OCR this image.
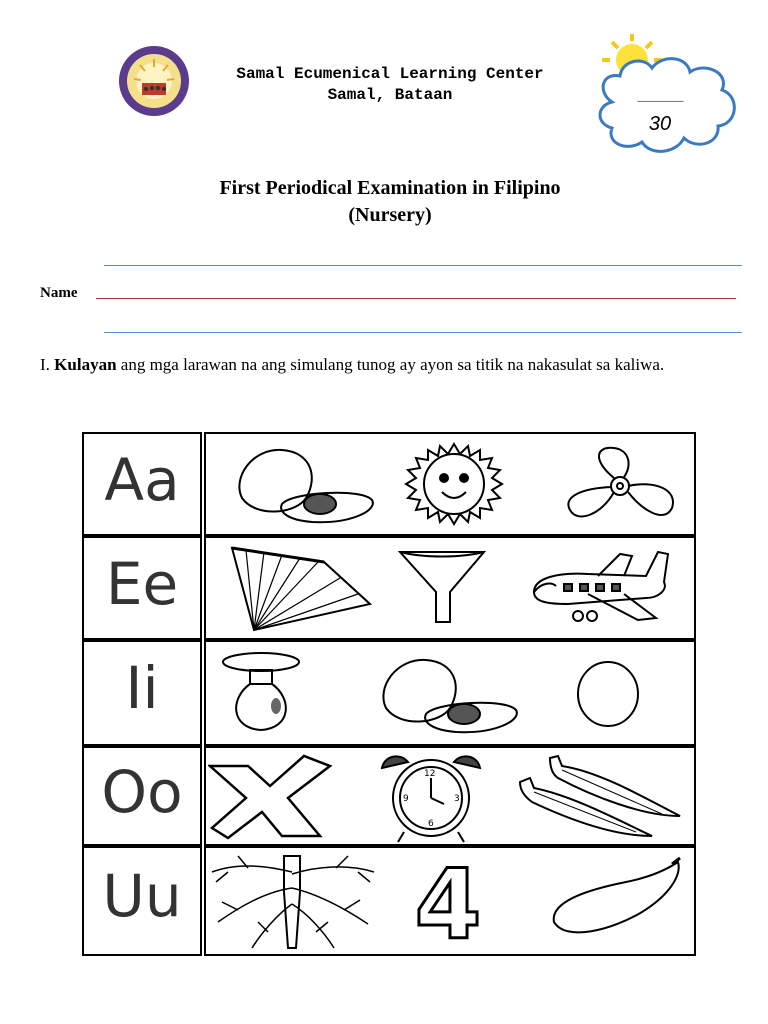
Samal Ecumenical Learning Center
Samal, Bataan	-----------------------
30
First Periodical Examination in Filipino
(Nursery)
Name
I. Kulayan ang mga larawan na ang simulang tunog ay ayon sa titik na nakasulat sa kaliwa.
Aa
Ee
Ii
Oo	12
3
6
9
Uu 4
